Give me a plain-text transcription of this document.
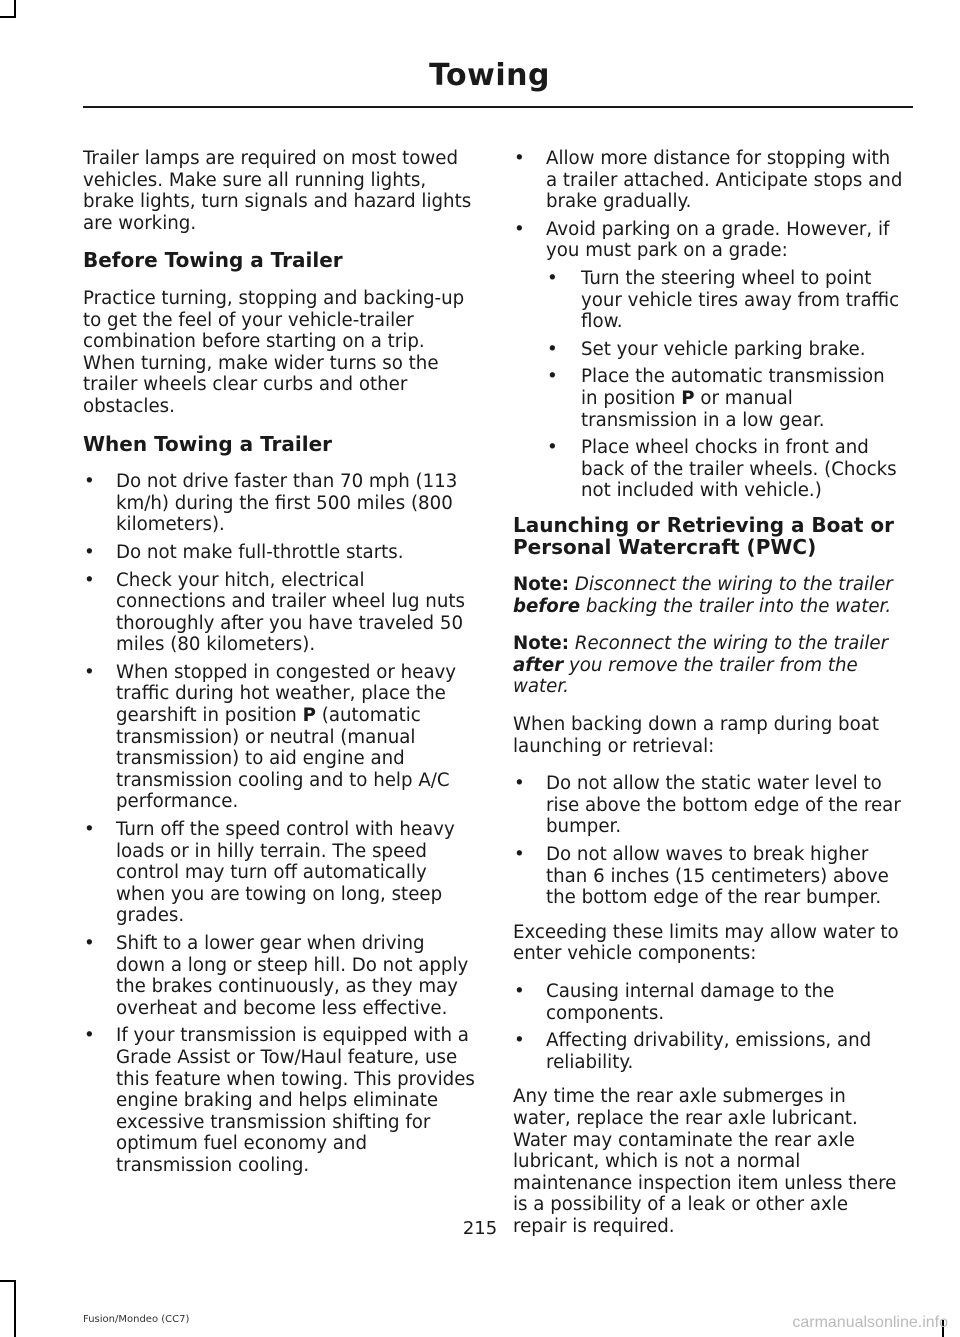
Towing

Trailer lamps are required on most towed vehicles. Make sure all running lights, brake lights, turn signals and hazard lights are working.

Before Towing a Trailer

Practice turning, stopping and backing-up to get the feel of your vehicle-trailer combination before starting on a trip. When turning, make wider turns so the trailer wheels clear curbs and other obstacles.

When Towing a Trailer
• Do not drive faster than 70 mph (113 km/h) during the first 500 miles (800 kilometers).
• Do not make full-throttle starts.
• Check your hitch, electrical connections and trailer wheel lug nuts thoroughly after you have traveled 50 miles (80 kilometers).
• When stopped in congested or heavy traffic during hot weather, place the gearshift in position P (automatic transmission) or neutral (manual transmission) to aid engine and transmission cooling and to help A/C performance.
• Turn off the speed control with heavy loads or in hilly terrain. The speed control may turn off automatically when you are towing on long, steep grades.
• Shift to a lower gear when driving down a long or steep hill. Do not apply the brakes continuously, as they may overheat and become less effective.
• If your transmission is equipped with a Grade Assist or Tow/Haul feature, use this feature when towing. This provides engine braking and helps eliminate excessive transmission shifting for optimum fuel economy and transmission cooling.
• Allow more distance for stopping with a trailer attached. Anticipate stops and brake gradually.
• Avoid parking on a grade. However, if you must park on a grade:
• Turn the steering wheel to point your vehicle tires away from traffic flow.
• Set your vehicle parking brake.
• Place the automatic transmission in position P or manual transmission in a low gear.
• Place wheel chocks in front and back of the trailer wheels. (Chocks not included with vehicle.)
Launching or Retrieving a Boat or Personal Watercraft (PWC)

Note: Disconnect the wiring to the trailer before backing the trailer into the water.

Note: Reconnect the wiring to the trailer after you remove the trailer from the water.

When backing down a ramp during boat launching or retrieval:

• Do not allow the static water level to rise above the bottom edge of the rear bumper.
• Do not allow waves to break higher than 6 inches (15 centimeters) above the bottom edge of the rear bumper.

Exceeding these limits may allow water to enter vehicle components:

• Causing internal damage to the components.
• Affecting drivability, emissions, and reliability.

Any time the rear axle submerges in water, replace the rear axle lubricant. Water may contaminate the rear axle lubricant, which is not a normal maintenance inspection item unless there is a possibility of a leak or other axle repair is required.

215
Fusion/Mondeo (CC7)	carmanualsonline.info
